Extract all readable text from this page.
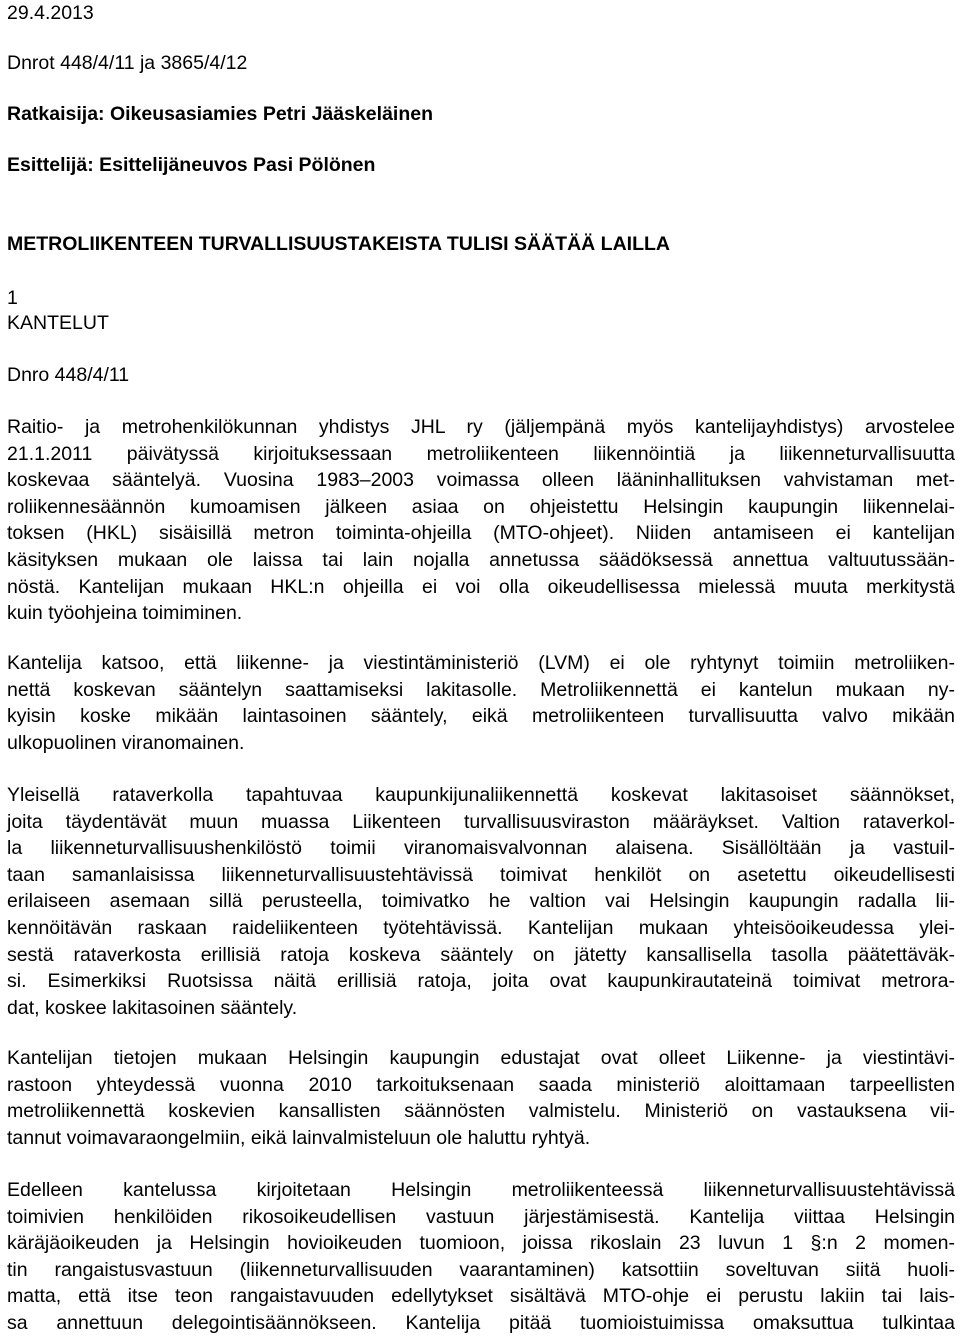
29.4.2013

Dnrot 448/4/11 ja 3865/4/12

Ratkaisija: Oikeusasiamies Petri Jääskeläinen

Esittelijä: Esittelijäneuvos Pasi Pölönen

METROLIIKENTEEN TURVALLISUUSTAKEISTA TULISI SÄÄTÄÄ LAILLA

1

KANTELUT

Dnro 448/4/11

Raitio- ja metrohenkilökunnan yhdistys JHL ry (jäljempänä myös kantelijayhdistys) arvostelee
21.1.2011 päivätyssä kirjoituksessaan metroliikenteen liikennöintiä ja liikenneturvallisuutta
koskevaa sääntelyä. Vuosina 1983–2003 voimassa olleen lääninhallituksen vahvistaman met-
roliikennesäännön kumoamisen jälkeen asiaa on ohjeistettu Helsingin kaupungin liikennelai-
toksen (HKL) sisäisillä metron toiminta-ohjeilla (MTO-ohjeet). Niiden antamiseen ei kantelijan
käsityksen mukaan ole laissa tai lain nojalla annetussa säädöksessä annettua valtuutussään-
nöstä. Kantelijan mukaan HKL:n ohjeilla ei voi olla oikeudellisessa mielessä muuta merkitystä
kuin työohjeina toimiminen.
Kantelija katsoo, että liikenne- ja viestintäministeriö (LVM) ei ole ryhtynyt toimiin metroliiken-
nettä koskevan sääntelyn saattamiseksi lakitasolle. Metroliikennettä ei kantelun mukaan ny-
kyisin koske mikään laintasoinen sääntely, eikä metroliikenteen turvallisuutta valvo mikään
ulkopuolinen viranomainen.
Yleisellä rataverkolla tapahtuvaa kaupunkijunaliikennettä koskevat lakitasoiset säännökset,
joita täydentävät muun muassa Liikenteen turvallisuusviraston määräykset. Valtion rataverkol-
la liikenneturvallisuushenkilöstö toimii viranomaisvalvonnan alaisena. Sisällöltään ja vastuil-
taan samanlaisissa liikenneturvallisuustehtävissä toimivat henkilöt on asetettu oikeudellisesti
erilaiseen asemaan sillä perusteella, toimivatko he valtion vai Helsingin kaupungin radalla lii-
kennöitävän raskaan raideliikenteen työtehtävissä. Kantelijan mukaan yhteisöoikeudessa ylei-
sestä rataverkosta erillisiä ratoja koskeva sääntely on jätetty kansallisella tasolla päätettäväk-
si. Esimerkiksi Ruotsissa näitä erillisiä ratoja, joita ovat kaupunkirautateinä toimivat metrora-
dat, koskee lakitasoinen sääntely.
Kantelijan tietojen mukaan Helsingin kaupungin edustajat ovat olleet Liikenne- ja viestintävi-
rastoon yhteydessä vuonna 2010 tarkoituksenaan saada ministeriö aloittamaan tarpeellisten
metroliikennettä koskevien kansallisten säännösten valmistelu. Ministeriö on vastauksena vii-
tannut voimavaraongelmiin, eikä lainvalmisteluun ole haluttu ryhtyä.
Edelleen kantelussa kirjoitetaan Helsingin metroliikenteessä liikenneturvallisuustehtävissä
toimivien henkilöiden rikosoikeudellisen vastuun järjestämisestä. Kantelija viittaa Helsingin
käräjäoikeuden ja Helsingin hovioikeuden tuomioon, joissa rikoslain 23 luvun 1 §:n 2 momen-
tin rangaistusvastuun (liikenneturvallisuuden vaarantaminen) katsottiin soveltuvan siitä huoli-
matta, että itse teon rangaistavuuden edellytykset sisältävä MTO-ohje ei perustu lakiin tai lais-
sa annettuun delegointisäännökseen. Kantelija pitää tuomioistuimissa omaksuttua tulkintaa
